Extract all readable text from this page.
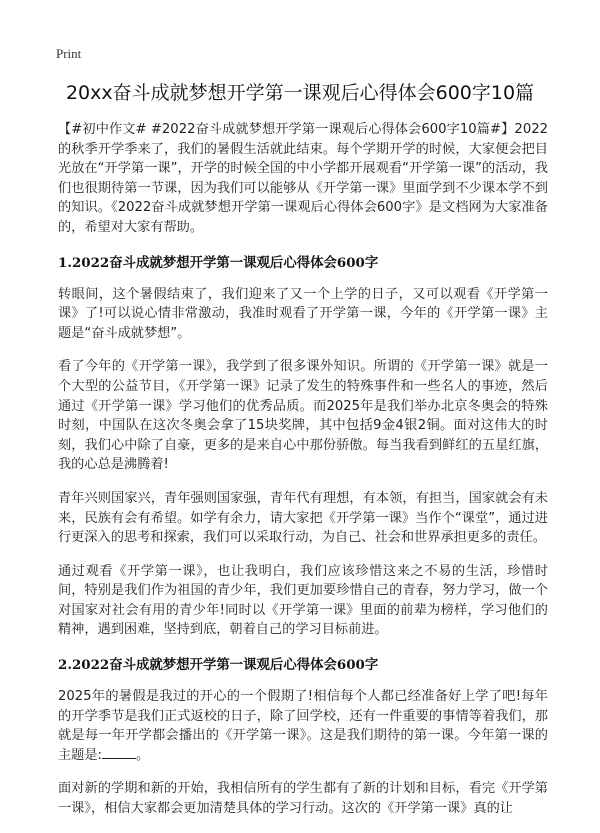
Print
20xx奋斗成就梦想开学第一课观后心得体会600字10篇

【#初中作文# #2022奋斗成就梦想开学第一课观后心得体会600字10篇#】2022的秋季开学季来了，我们的暑假生活就此结束。每个学期开学的时候，大家便会把目光放在“开学第一课”，开学的时候全国的中小学都开展观看“开学第一课”的活动，我们也很期待第一节课，因为我们可以能够从《开学第一课》里面学到不少课本学不到的知识。《2022奋斗成就梦想开学第一课观后心得体会600字》是文档网为大家准备的，希望对大家有帮助。

1.2022奋斗成就梦想开学第一课观后心得体会600字

转眼间，这个暑假结束了，我们迎来了又一个上学的日子，又可以观看《开学第一课》了!可以说心情非常激动，我准时观看了开学第一课，今年的《开学第一课》主题是“奋斗成就梦想”。

看了今年的《开学第一课》，我学到了很多课外知识。所谓的《开学第一课》就是一个大型的公益节目，《开学第一课》记录了发生的特殊事件和一些名人的事迹，然后通过《开学第一课》学习他们的优秀品质。而2025年是我们举办北京冬奥会的特殊时刻，中国队在这次冬奥会拿了15块奖牌，其中包括9金4银2铜。面对这伟大的时刻，我们心中除了自豪，更多的是来自心中那份骄傲。每当我看到鲜红的五星红旗，我的心总是沸腾着!

青年兴则国家兴，青年强则国家强，青年代有理想，有本领，有担当，国家就会有未来，民族有会有希望。如学有余力，请大家把《开学第一课》当作个“课堂”，通过进行更深入的思考和探索，我们可以采取行动，为自己、社会和世界承担更多的责任。

通过观看《开学第一课》，也让我明白，我们应该珍惜这来之不易的生活，珍惜时间，特别是我们作为祖国的青少年，我们更加要珍惜自己的青春，努力学习，做一个对国家对社会有用的青少年!同时以《开学第一课》里面的前辈为榜样，学习他们的精神，遇到困难，坚持到底，朝着自己的学习目标前进。

2.2022奋斗成就梦想开学第一课观后心得体会600字

2025年的暑假是我过的开心的一个假期了!相信每个人都已经准备好上学了吧!每年的开学季节是我们正式返校的日子，除了回学校，还有一件重要的事情等着我们，那就是每一年开学都会播出的《开学第一课》。这是我们期待的第一课。今年第一课的主题是:	。

面对新的学期和新的开始，我相信所有的学生都有了新的计划和目标，看完《开学第一课》，相信大家都会更加清楚具体的学习行动。这次的《开学第一课》真的让
